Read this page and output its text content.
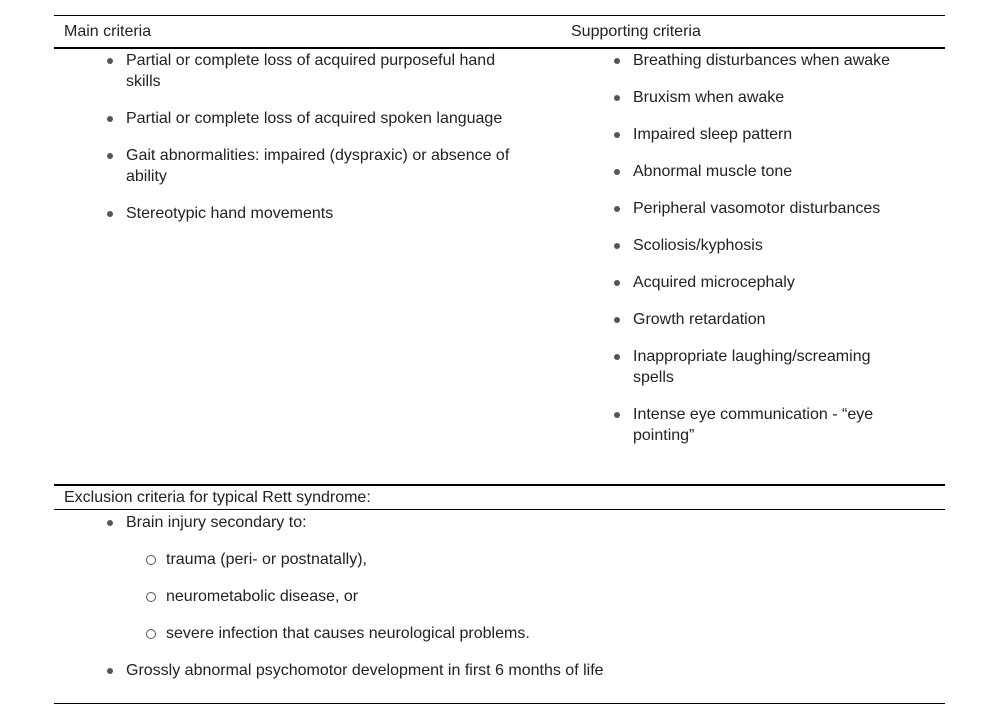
Main criteria	Supporting criteria
Partial or complete loss of acquired purposeful hand skills
Partial or complete loss of acquired spoken language
Gait abnormalities: impaired (dyspraxic) or absence of ability
Stereotypic hand movements
Breathing disturbances when awake
Bruxism when awake
Impaired sleep pattern
Abnormal muscle tone
Peripheral vasomotor disturbances
Scoliosis/kyphosis
Acquired microcephaly
Growth retardation
Inappropriate laughing/screaming spells
Intense eye communication - “eye pointing”
Exclusion criteria for typical Rett syndrome:
Brain injury secondary to:
trauma (peri- or postnatally),
neurometabolic disease, or
severe infection that causes neurological problems.
Grossly abnormal psychomotor development in first 6 months of life
